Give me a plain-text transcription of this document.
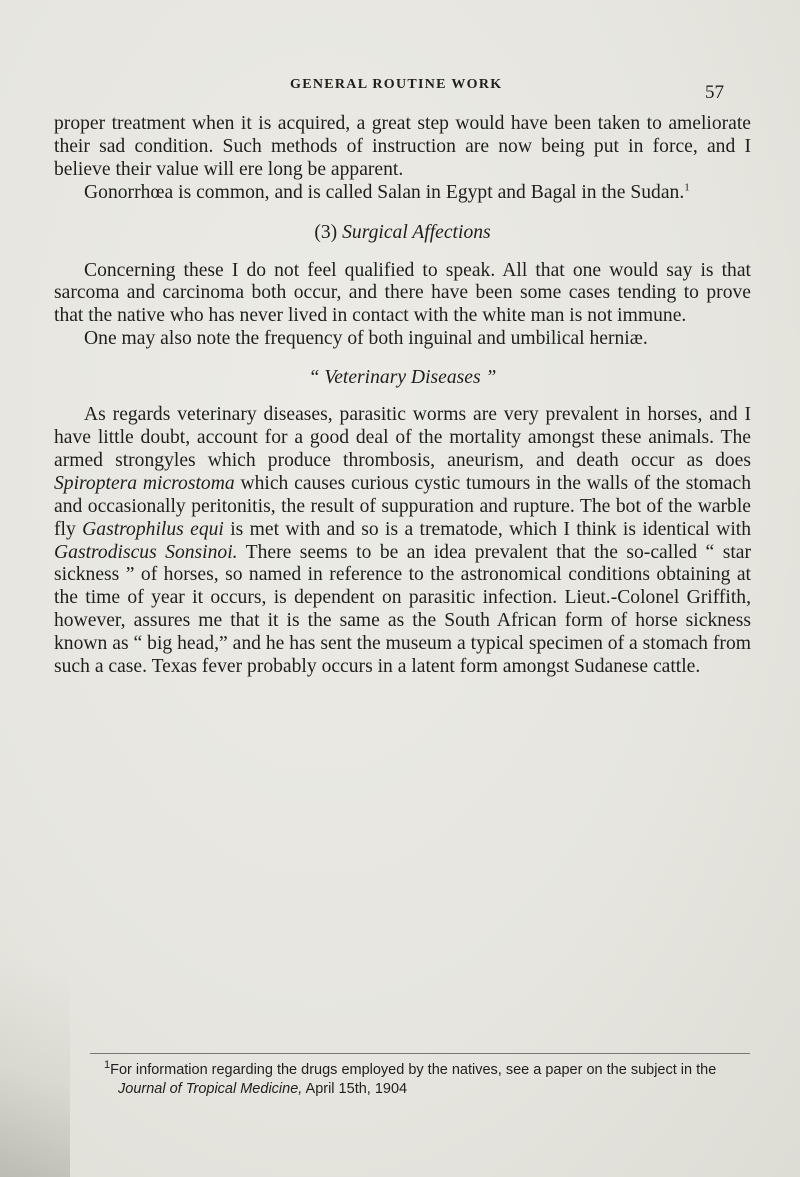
GENERAL ROUTINE WORK	57

proper treatment when it is acquired, a great step would have been taken to ameliorate their sad condition. Such methods of instruction are now being put in force, and I believe their value will ere long be apparent.

Gonorrhœa is common, and is called Salan in Egypt and Bagal in the Sudan.$^1$

(3) Surgical Affections

Concerning these I do not feel qualified to speak. All that one would say is that sarcoma and carcinoma both occur, and there have been some cases tending to prove that the native who has never lived in contact with the white man is not immune.

One may also note the frequency of both inguinal and umbilical herniæ.

“ Veterinary Diseases ”

As regards veterinary diseases, parasitic worms are very prevalent in horses, and I have little doubt, account for a good deal of the mortality amongst these animals. The armed strongyles which produce thrombosis, aneurism, and death occur as does Spiroptera microstoma which causes curious cystic tumours in the walls of the stomach and occasionally peritonitis, the result of suppuration and rupture. The bot of the warble fly Gastrophilus equi is met with and so is a trematode, which I think is identical with Gastrodiscus Sonsinoi. There seems to be an idea prevalent that the so-called “ star sickness ” of horses, so named in reference to the astronomical conditions obtaining at the time of year it occurs, is dependent on parasitic infection. Lieut.-Colonel Griffith, however, assures me that it is the same as the South African form of horse sickness known as “ big head,” and he has sent the museum a typical specimen of a stomach from such a case. Texas fever probably occurs in a latent form amongst Sudanese cattle.

$^1$For information regarding the drugs employed by the natives, see a paper on the subject in the
Journal of Tropical Medicine, April 15th, 1904
